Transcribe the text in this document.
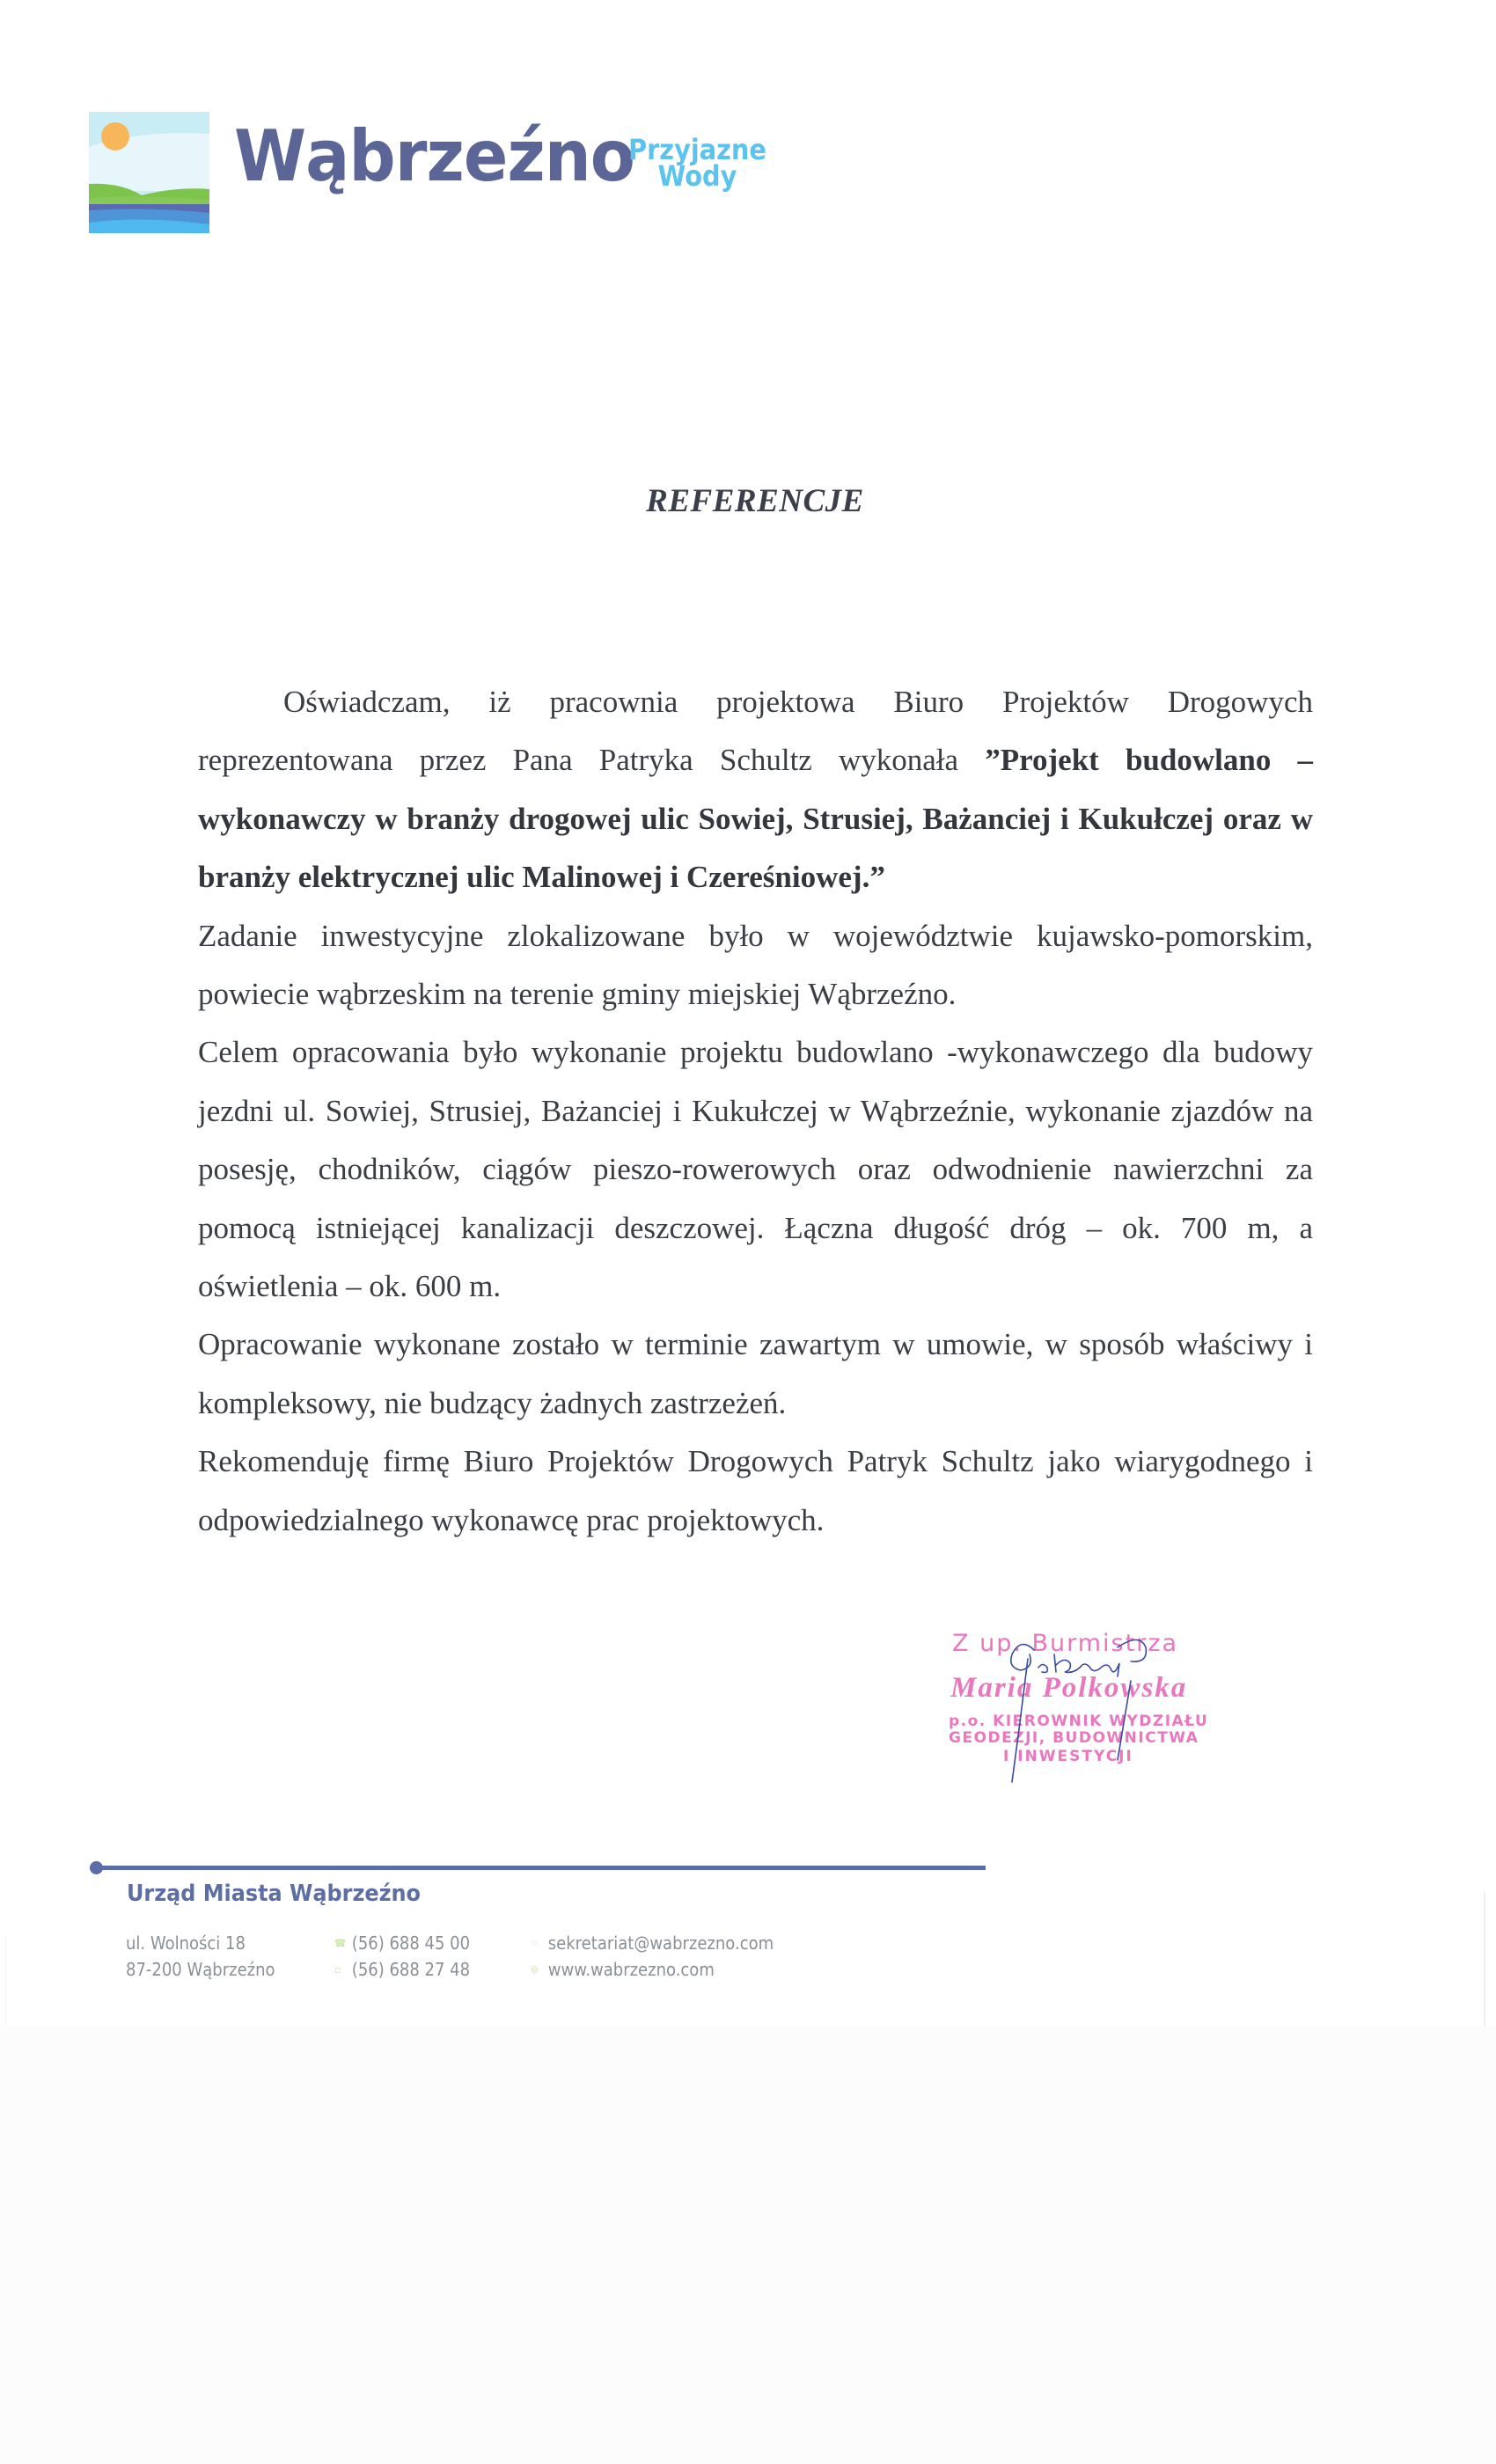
Wąbrzeźno
Przyjazne
Wody
REFERENCJE

Oświadczam, iż pracownia projektowa Biuro Projektów Drogowych reprezentowana przez Pana Patryka Schultz wykonała ”Projekt budowlano – wykonawczy w branży drogowej ulic Sowiej, Strusiej, Bażanciej i Kukułczej oraz w branży elektrycznej ulic Malinowej i Czereśniowej.”

Zadanie inwestycyjne zlokalizowane było w województwie kujawsko-pomorskim, powiecie wąbrzeskim na terenie gminy miejskiej Wąbrzeźno.

Celem opracowania było wykonanie projektu budowlano -wykonawczego dla budowy jezdni ul. Sowiej, Strusiej, Bażanciej i Kukułczej w Wąbrzeźnie, wykonanie zjazdów na posesję, chodników, ciągów pieszo-rowerowych oraz odwodnienie nawierzchni za pomocą istniejącej kanalizacji deszczowej. Łączna długość dróg – ok. 700 m, a oświetlenia – ok. 600 m.

Opracowanie wykonane zostało w terminie zawartym w umowie, w sposób właściwy i kompleksowy, nie budzący żadnych zastrzeżeń.

Rekomenduję firmę Biuro Projektów Drogowych Patryk Schultz jako wiarygodnego i odpowiedzialnego wykonawcę prac projektowych.

Z up. Burmistrza
Maria Polkowska
p.o. KIEROWNIK WYDZIAŁU
GEODEZJI, BUDOWNICTWA
I INWESTYCJI
Urząd Miasta Wąbrzeźno
ul. Wolności 18
87-200 Wąbrzeźno
☎ (56) 688 45 00
▫ (56) 688 27 48
✉ sekretariat@wabrzezno.com
⊜ www.wabrzezno.com
